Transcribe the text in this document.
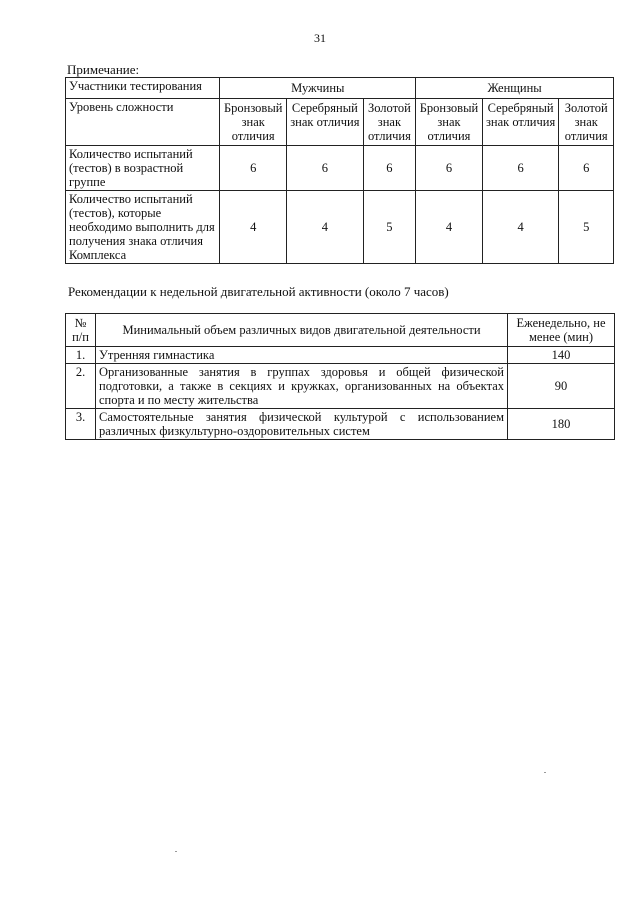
31
Примечание:
Участники тестирования	Мужчины			Женщины		
Уровень сложности	Бронзовый знак отличия	Серебряный знак отличия	Золотой знак отличия	Бронзовый знак отличия	Серебряный знак отличия	Золотой знак отличия
Количество испытаний (тестов) в возрастной группе	6	6	6	6	6	6
Количество испытаний (тестов), которые необходимо выполнить для получения знака отличия Комплекса	4	4	5	4	4	5
Рекомендации к недельной двигательной активности (около 7 часов)
№ п/п	Минимальный объем различных видов двигательной деятельности	Еженедельно, не менее (мин)
1.	Утренняя гимнастика	140
2.	Организованные занятия в группах здоровья и общей физической подготовки, а также в секциях и кружках, организованных на объектах спорта и по месту жительства	90
3.	Самостоятельные занятия физической культурой с использованием различных физкультурно-оздоровительных систем	180
